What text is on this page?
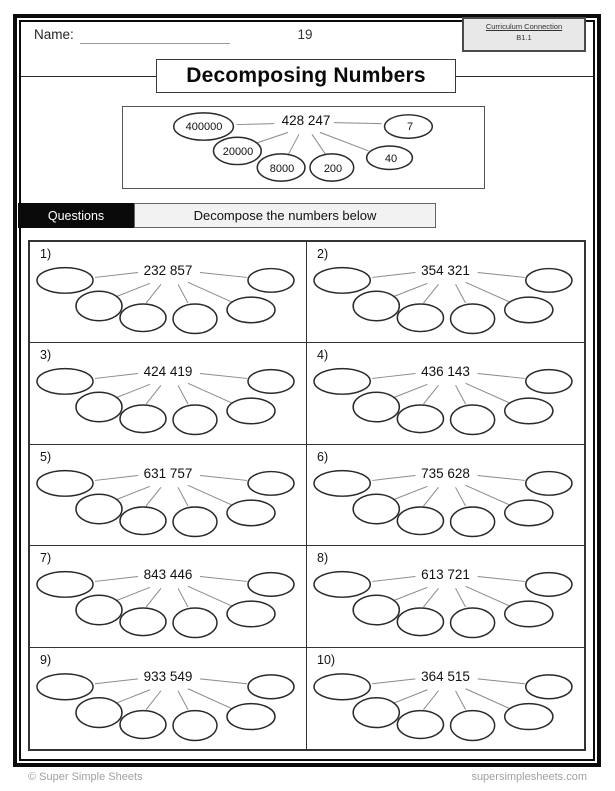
Name:	19
Curriculum Connection
B1.1
Decomposing Numbers
428 247
400000
20000
8000	200
40
7
Questions	Decompose the numbers below
1)
232 857
2)
354 321
3)
424 419
4)
436 143
5)
631 757
6)
735 628
7)
843 446
8)
613 721
9)
933 549
10)
364 515
© Super Simple Sheets	supersimplesheets.com
